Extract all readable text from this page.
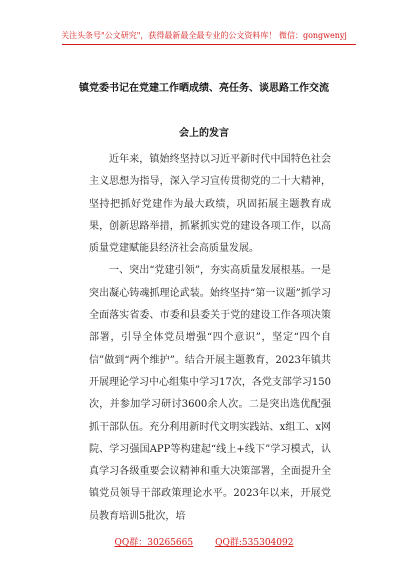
关注头条号"公文研究"，获得最新最全最专业的公文资料库！ 微信：gongwenyj
镇党委书记在党建工作晒成绩、亮任务、谈思路工作交流
会上的发言

近年来，镇始终坚持以习近平新时代中国特色社会主义思想为指导，深入学习宣传贯彻党的二十大精神，坚持把抓好党建作为最大政绩，巩固拓展主题教育成果，创新思路举措，抓紧抓实党的建设各项工作，以高质量党建赋能县经济社会高质量发展。

一、突出“党建引领”，夯实高质量发展根基。一是突出凝心铸魂抓理论武装。始终坚持“第一议题”抓学习全面落实省委、市委和县委关于党的建设工作各项决策部署，引导全体党员增强“四个意识”，坚定“四个自信”做到“两个维护”。结合开展主题教育，2023年镇共开展理论学习中心组集中学习17次，各党支部学习150次，并参加学习研讨3600余人次。二是突出选优配强抓干部队伍。充分利用新时代文明实践站、x组工、x网院、学习强国APP等构建起“线上+线下”学习模式，认真学习各级重要会议精神和重大决策部署，全面提升全镇党员领导干部政策理论水平。2023年以来，开展党员教育培训5批次，培

QQ群：30265665 QQ群:535304092
